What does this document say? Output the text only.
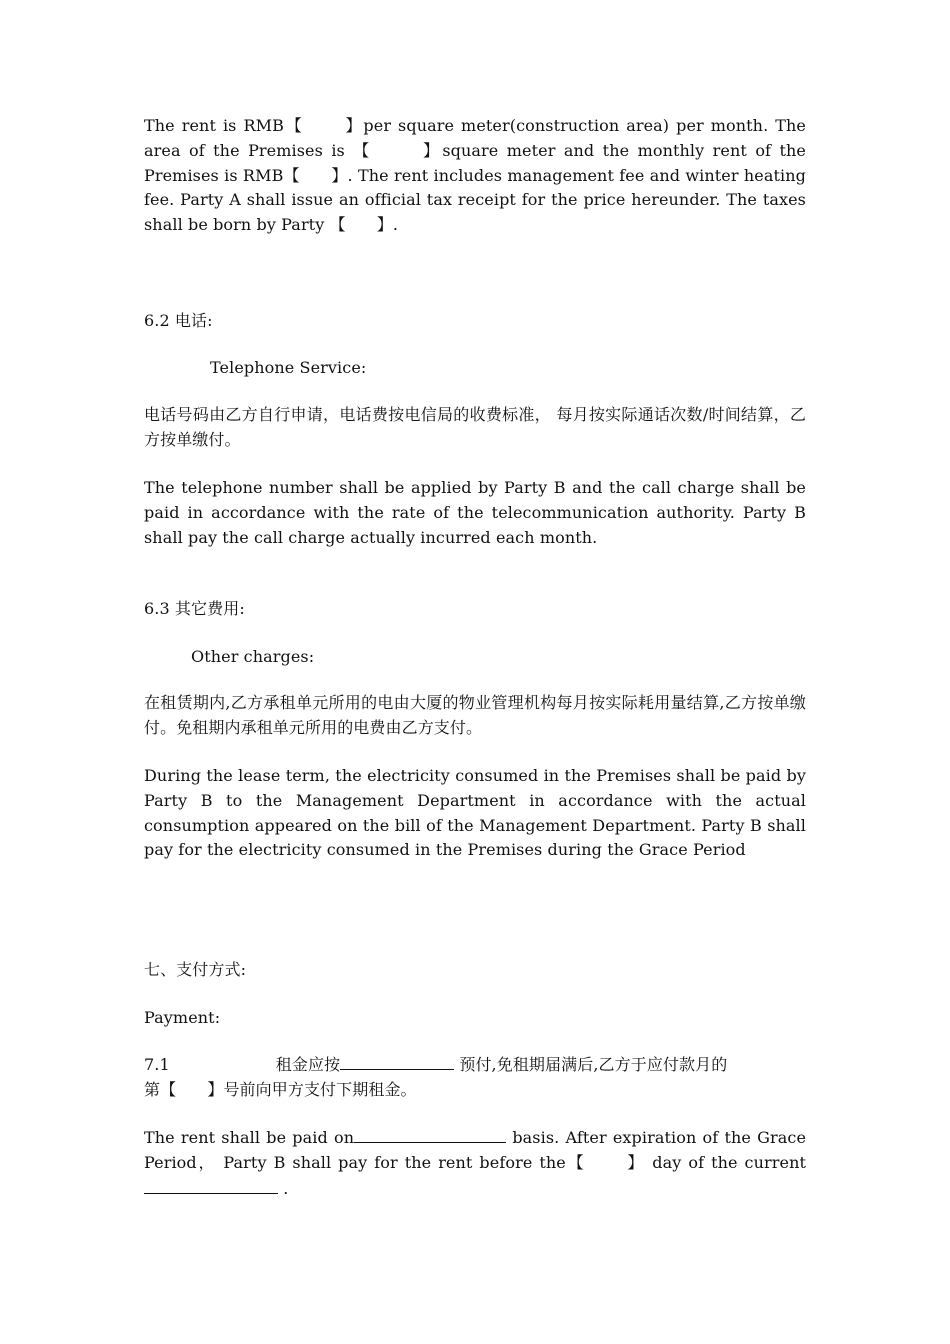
The rent is RMB【	】per square meter(construction area) per month. The area of the Premises is 【	】square meter and the monthly rent of the Premises is RMB【 】. The rent includes management fee and winter heating fee. Party A shall issue an official tax receipt for the price hereunder. The taxes shall be born by Party 【 】.

6.2 电话:

Telephone Service:

电话号码由乙方自行申请，电话费按电信局的收费标准， 每月按实际通话次数/时间结算，乙方按单缴付。

The telephone number shall be applied by Party B and the call charge shall be paid in accordance with the rate of the telecommunication authority. Party B shall pay the call charge actually incurred each month.

6.3 其它费用:

Other charges:

在租赁期内,乙方承租单元所用的电由大厦的物业管理机构每月按实际耗用量结算,乙方按单缴付。免租期内承租单元所用的电费由乙方支付。

During the lease term, the electricity consumed in the Premises shall be paid by Party B to the Management Department in accordance with the actual consumption appeared on the bill of the Management Department. Party B shall pay for the electricity consumed in the Premises during the Grace Period

七、支付方式:

Payment:

7.1	租金应按	预付,免租期届满后,乙方于应付款月的
第【 】号前向甲方支付下期租金。

The rent shall be paid on	basis. After expiration of the Grace Period， Party B shall pay for the rent before the【	】 day of the current .
